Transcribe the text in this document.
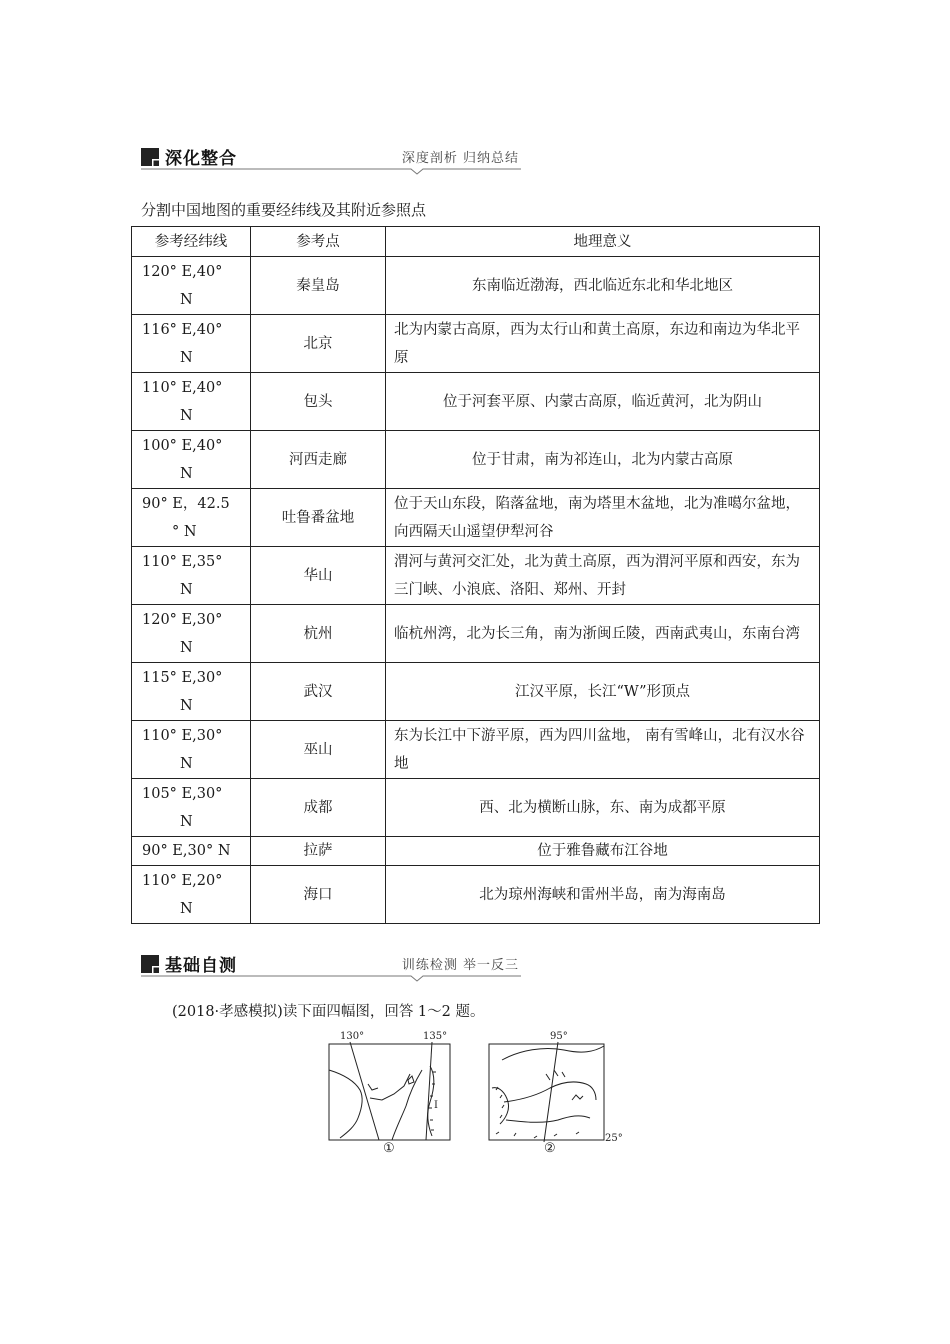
深化整合	深度剖析 归纳总结
分割中国地图的重要经纬线及其附近参照点
参考经纬线	参考点	地理意义

120° E,40°
N	秦皇岛	东南临近渤海，西北临近东北和华北地区

116° E,40°
N	北京	北为内蒙古高原，西为太行山和黄土高原，东边和南边为华北平原

110° E,40°
N	包头	位于河套平原、内蒙古高原，临近黄河，北为阴山

100° E,40°
N	河西走廊	位于甘肃，南为祁连山，北为内蒙古高原

90° E，42.5
° N	吐鲁番盆地	位于天山东段，陷落盆地，南为塔里木盆地，北为准噶尔盆地，向西隔天山遥望伊犁河谷

110° E,35°
N	华山	渭河与黄河交汇处，北为黄土高原，西为渭河平原和西安，东为三门峡、小浪底、洛阳、郑州、开封

120° E,30°
N	杭州	临杭州湾，北为长三角，南为浙闽丘陵，西南武夷山，东南台湾

115° E,30°
N	武汉	江汉平原，长江“W”形顶点

110° E,30°
N	巫山	东为长江中下游平原，西为四川盆地， 南有雪峰山，北有汉水谷地

105° E,30°
N	成都	西、北为横断山脉，东、南为成都平原
90° E,30° N	拉萨	位于雅鲁藏布江谷地

110° E,20°
N	海口	北为琼州海峡和雷州半岛，南为海南岛
基础自测	训练检测 举一反三
(2018·孝感模拟)读下面四幅图，回答 1～2 题。
130°	135°
Ⅰ
①
95°
25°
②
